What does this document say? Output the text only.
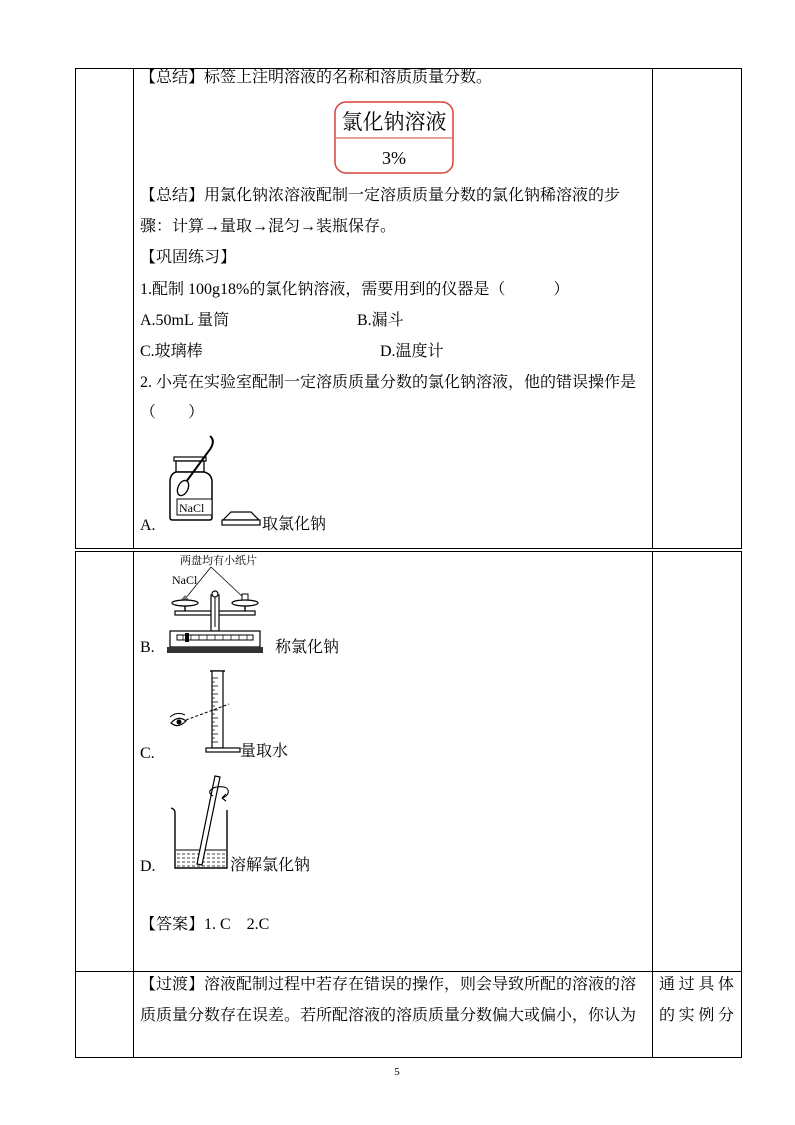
【总结】标签上注明溶液的名称和溶质质量分数。
氯化钠溶液
3%
【总结】用氯化钠浓溶液配制一定溶质质量分数的氯化钠稀溶液的步
骤：计算→量取→混匀→装瓶保存。
【巩固练习】
1.配制 100g18%的氯化钠溶液，需要用到的仪器是（　　　）
A.50mL 量筒	B.漏斗
C.玻璃棒	D.温度计
2. 小亮在实验室配制一定溶质质量分数的氯化钠溶液，他的错误操作是
（　　）
NaCl
A.	取氯化钠
两盘均有小纸片
NaCl
B.	称氯化钠
C.	量取水
D.	溶解氯化钠
【答案】1. C　2.C
【过渡】溶液配制过程中若存在错误的操作，则会导致所配的溶液的溶
质质量分数存在误差。若所配溶液的溶质质量分数偏大或偏小，你认为
通过具体
的实例分
5
